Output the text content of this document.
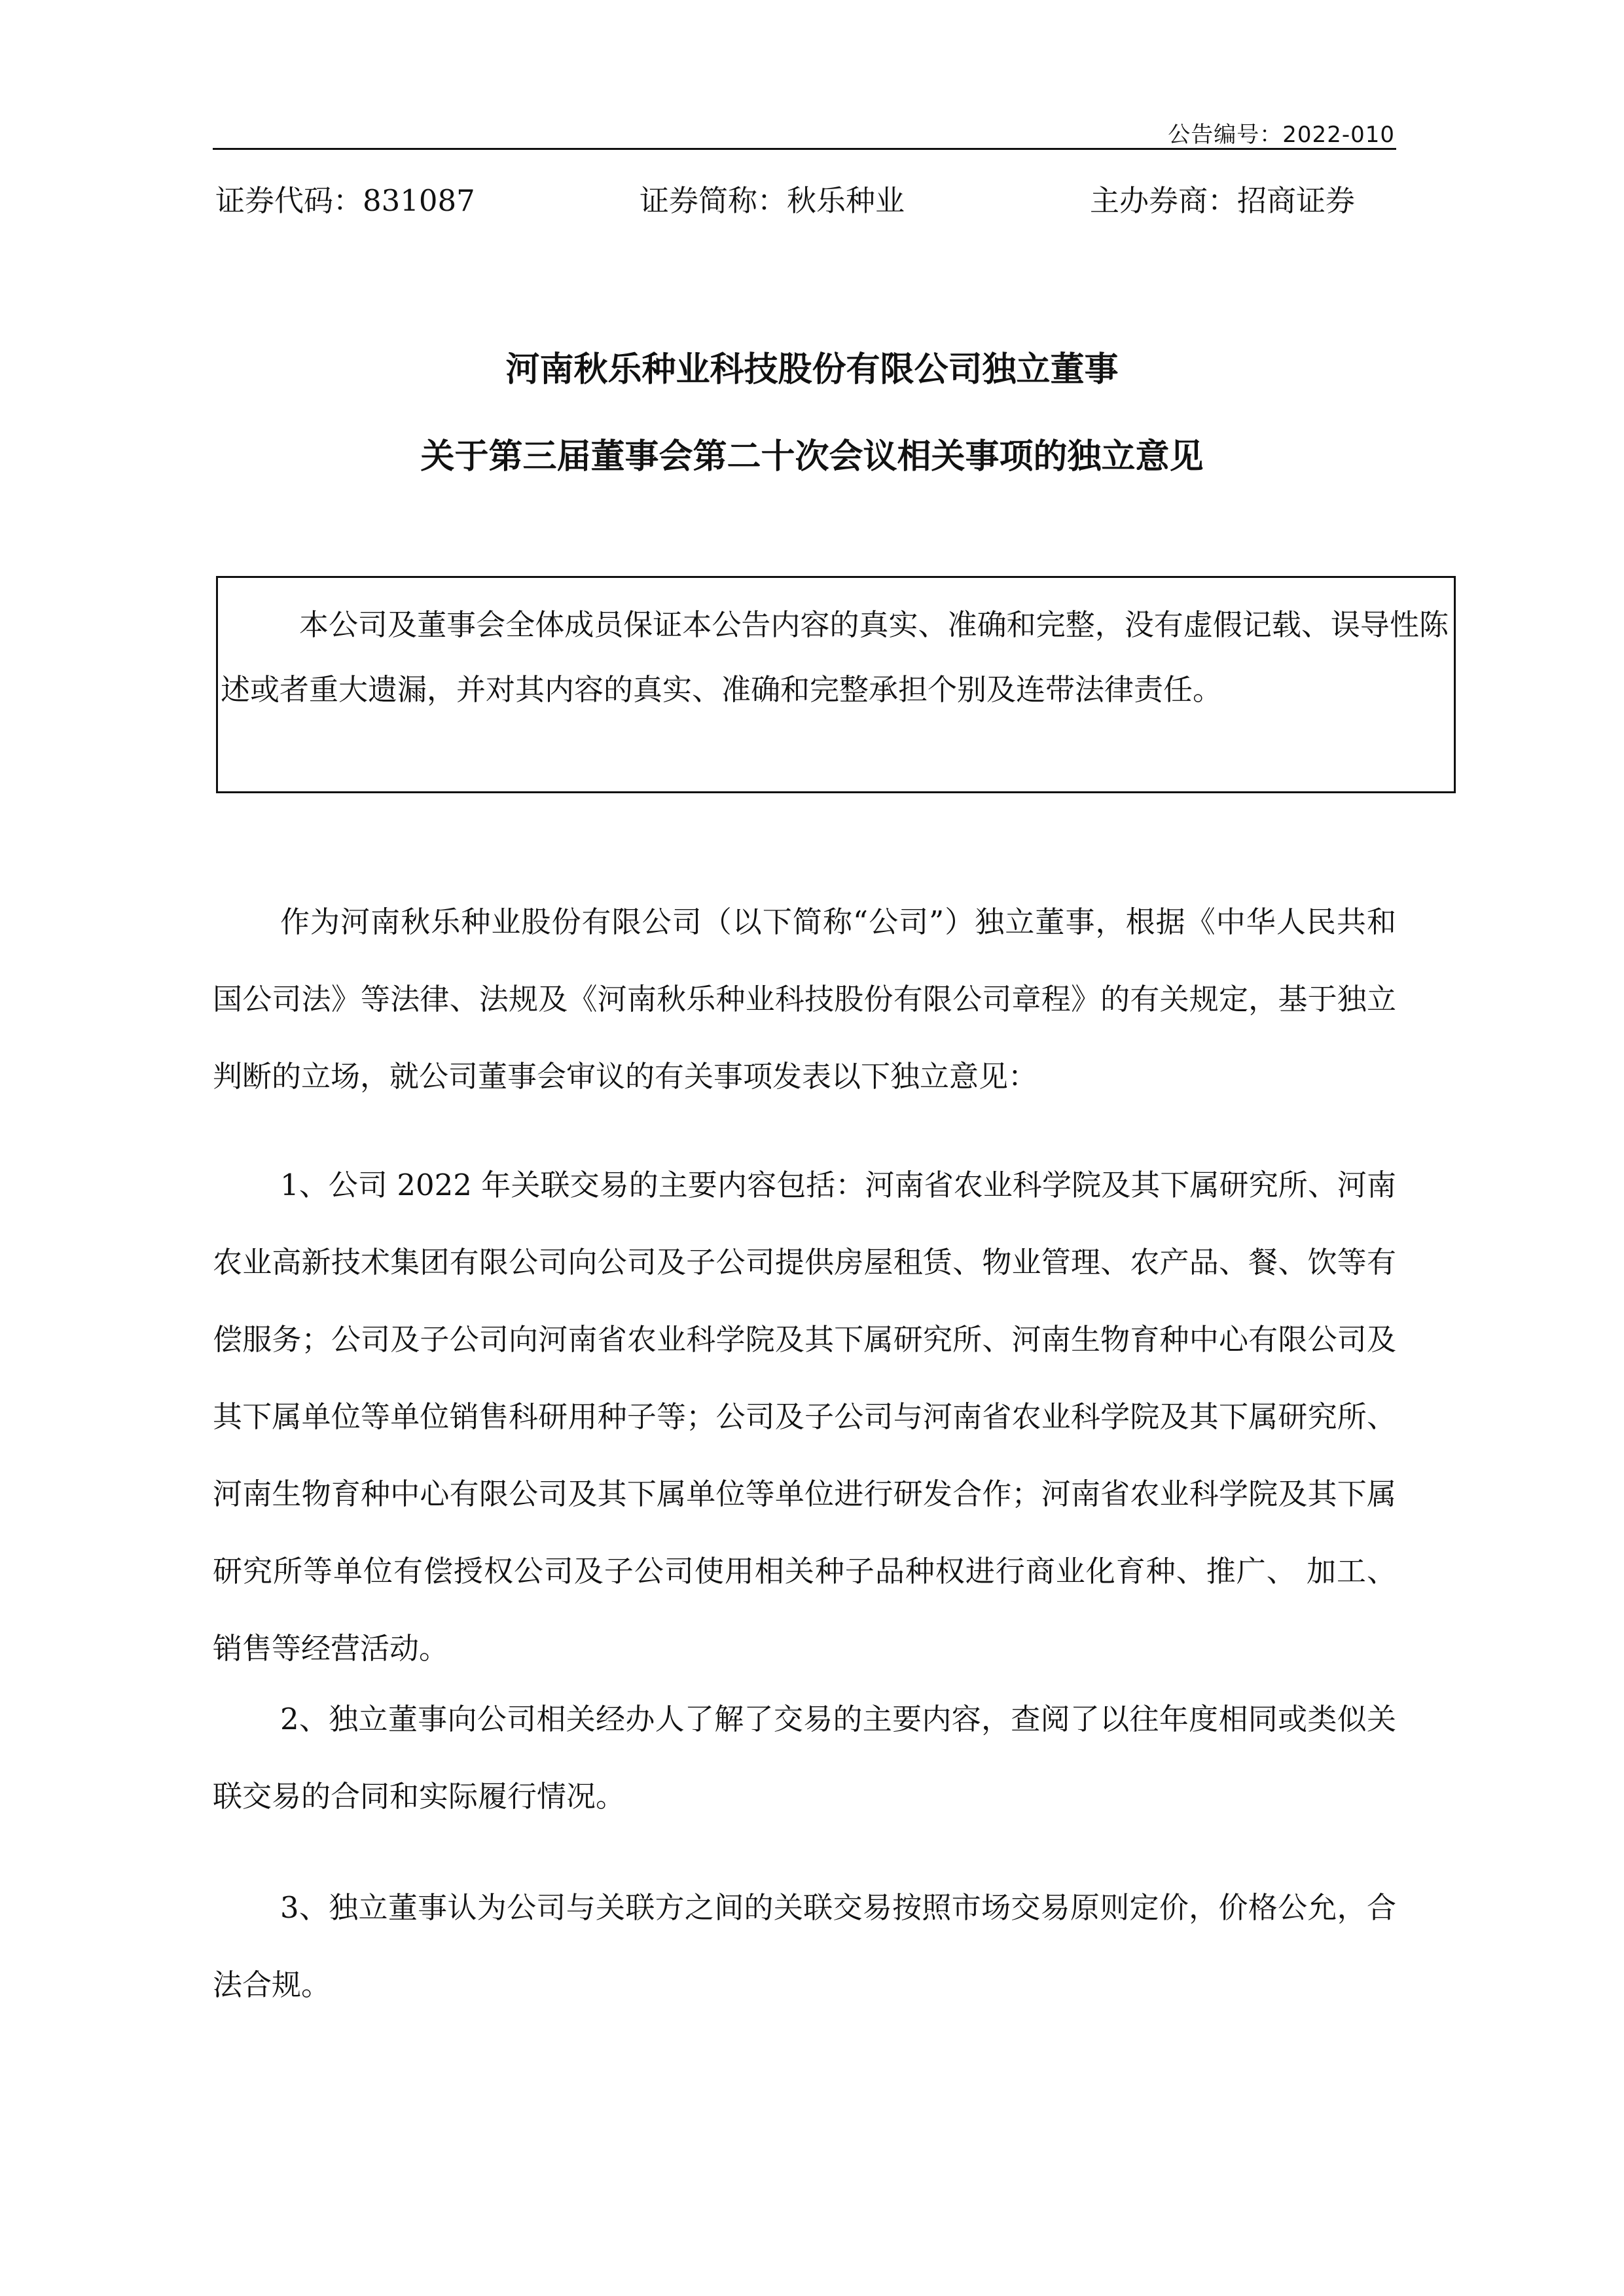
公告编号：2022-010
证券代码：831087	证券简称：秋乐种业	主办券商：招商证券
河南秋乐种业科技股份有限公司独立董事
关于第三届董事会第二十次会议相关事项的独立意见
本公司及董事会全体成员保证本公告内容的真实、准确和完整，没有虚假记载、误导性陈述或者重大遗漏，并对其内容的真实、准确和完整承担个别及连带法律责任。
作为河南秋乐种业股份有限公司（以下简称“公司”）独立董事，根据《中华人民共和国公司法》等法律、法规及《河南秋乐种业科技股份有限公司章程》的有关规定，基于独立判断的立场，就公司董事会审议的有关事项发表以下独立意见：
1、公司 2022 年关联交易的主要内容包括：河南省农业科学院及其下属研究所、河南农业高新技术集团有限公司向公司及子公司提供房屋租赁、物业管理、农产品、餐、饮等有偿服务；公司及子公司向河南省农业科学院及其下属研究所、河南生物育种中心有限公司及其下属单位等单位销售科研用种子等；公司及子公司与河南省农业科学院及其下属研究所、河南生物育种中心有限公司及其下属单位等单位进行研发合作；河南省农业科学院及其下属研究所等单位有偿授权公司及子公司使用相关种子品种权进行商业化育种、推广、 加工、销售等经营活动。
2、独立董事向公司相关经办人了解了交易的主要内容，查阅了以往年度相同或类似关联交易的合同和实际履行情况。
3、独立董事认为公司与关联方之间的关联交易按照市场交易原则定价，价格公允，合法合规。
